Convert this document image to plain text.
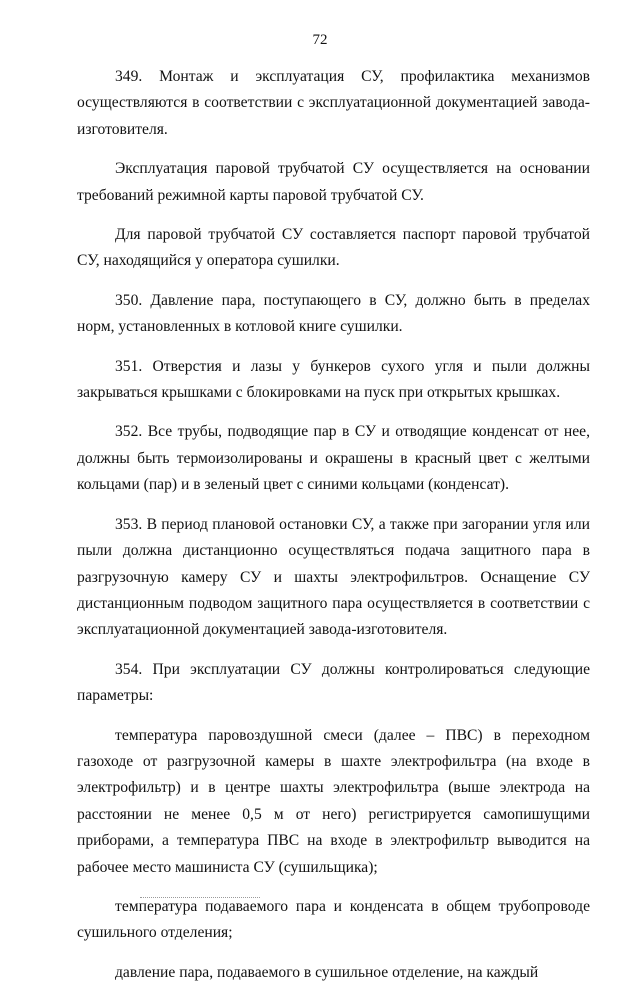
72

349. Монтаж и эксплуатация СУ, профилактика механизмов осуществляются в соответствии с эксплуатационной документацией завода-изготовителя.

Эксплуатация паровой трубчатой СУ осуществляется на основании требований режимной карты паровой трубчатой СУ.

Для паровой трубчатой СУ составляется паспорт паровой трубчатой СУ, находящийся у оператора сушилки.

350. Давление пара, поступающего в СУ, должно быть в пределах норм, установленных в котловой книге сушилки.

351. Отверстия и лазы у бункеров сухого угля и пыли должны закрываться крышками с блокировками на пуск при открытых крышках.

352. Все трубы, подводящие пар в СУ и отводящие конденсат от нее, должны быть термоизолированы и окрашены в красный цвет с желтыми кольцами (пар) и в зеленый цвет с синими кольцами (конденсат).

353. В период плановой остановки СУ, а также при загорании угля или пыли должна дистанционно осуществляться подача защитного пара в разгрузочную камеру СУ и шахты электрофильтров. Оснащение СУ дистанционным подводом защитного пара осуществляется в соответствии с эксплуатационной документацией завода-изготовителя.

354. При эксплуатации СУ должны контролироваться следующие параметры:

температура паровоздушной смеси (далее – ПВС) в переходном газоходе от разгрузочной камеры в шахте электрофильтра (на входе в электрофильтр) и в центре шахты электрофильтра (выше электрода на расстоянии не менее 0,5 м от него) регистрируется самопишущими приборами, а температура ПВС на входе в электрофильтр выводится на рабочее место машиниста СУ (сушильщика);

температура подаваемого пара и конденсата в общем трубопроводе сушильного отделения;

давление пара, подаваемого в сушильное отделение, на каждый
